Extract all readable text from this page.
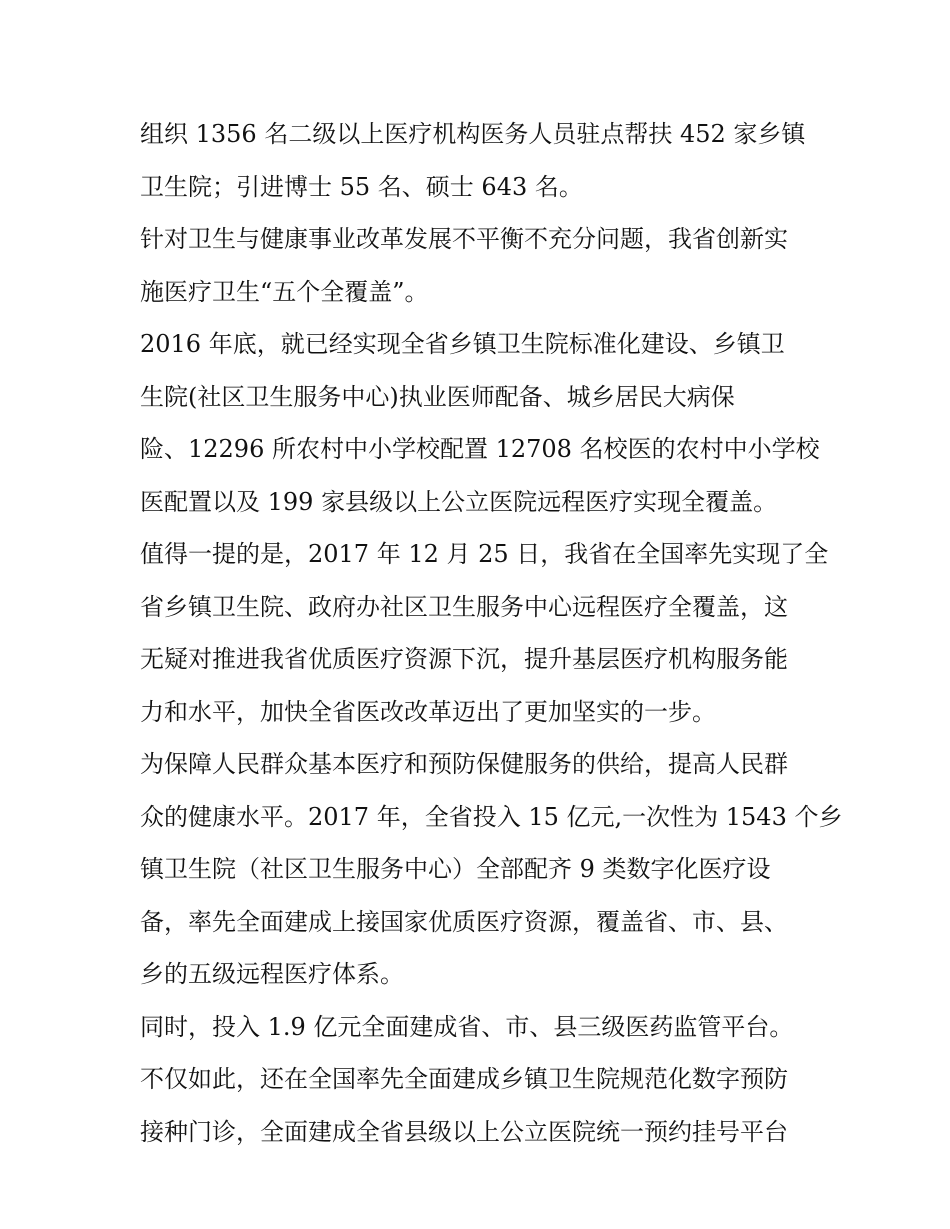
组织 1356 名二级以上医疗机构医务人员驻点帮扶 452 家乡镇
卫生院；引进博士 55 名、硕士 643 名。
针对卫生与健康事业改革发展不平衡不充分问题，我省创新实
施医疗卫生“五个全覆盖”。
2016 年底，就已经实现全省乡镇卫生院标准化建设、乡镇卫
生院(社区卫生服务中心)执业医师配备、城乡居民大病保
险、12296 所农村中小学校配置 12708 名校医的农村中小学校
医配置以及 199 家县级以上公立医院远程医疗实现全覆盖。
值得一提的是，2017 年 12 月 25 日，我省在全国率先实现了全
省乡镇卫生院、政府办社区卫生服务中心远程医疗全覆盖，这
无疑对推进我省优质医疗资源下沉，提升基层医疗机构服务能
力和水平，加快全省医改改革迈出了更加坚实的一步。
为保障人民群众基本医疗和预防保健服务的供给，提高人民群
众的健康水平。2017 年，全省投入 15 亿元,一次性为 1543 个乡
镇卫生院（社区卫生服务中心）全部配齐 9 类数字化医疗设
备，率先全面建成上接国家优质医疗资源，覆盖省、市、县、
乡的五级远程医疗体系。
同时，投入 1.9 亿元全面建成省、市、县三级医药监管平台。
不仅如此，还在全国率先全面建成乡镇卫生院规范化数字预防
接种门诊，全面建成全省县级以上公立医院统一预约挂号平台
